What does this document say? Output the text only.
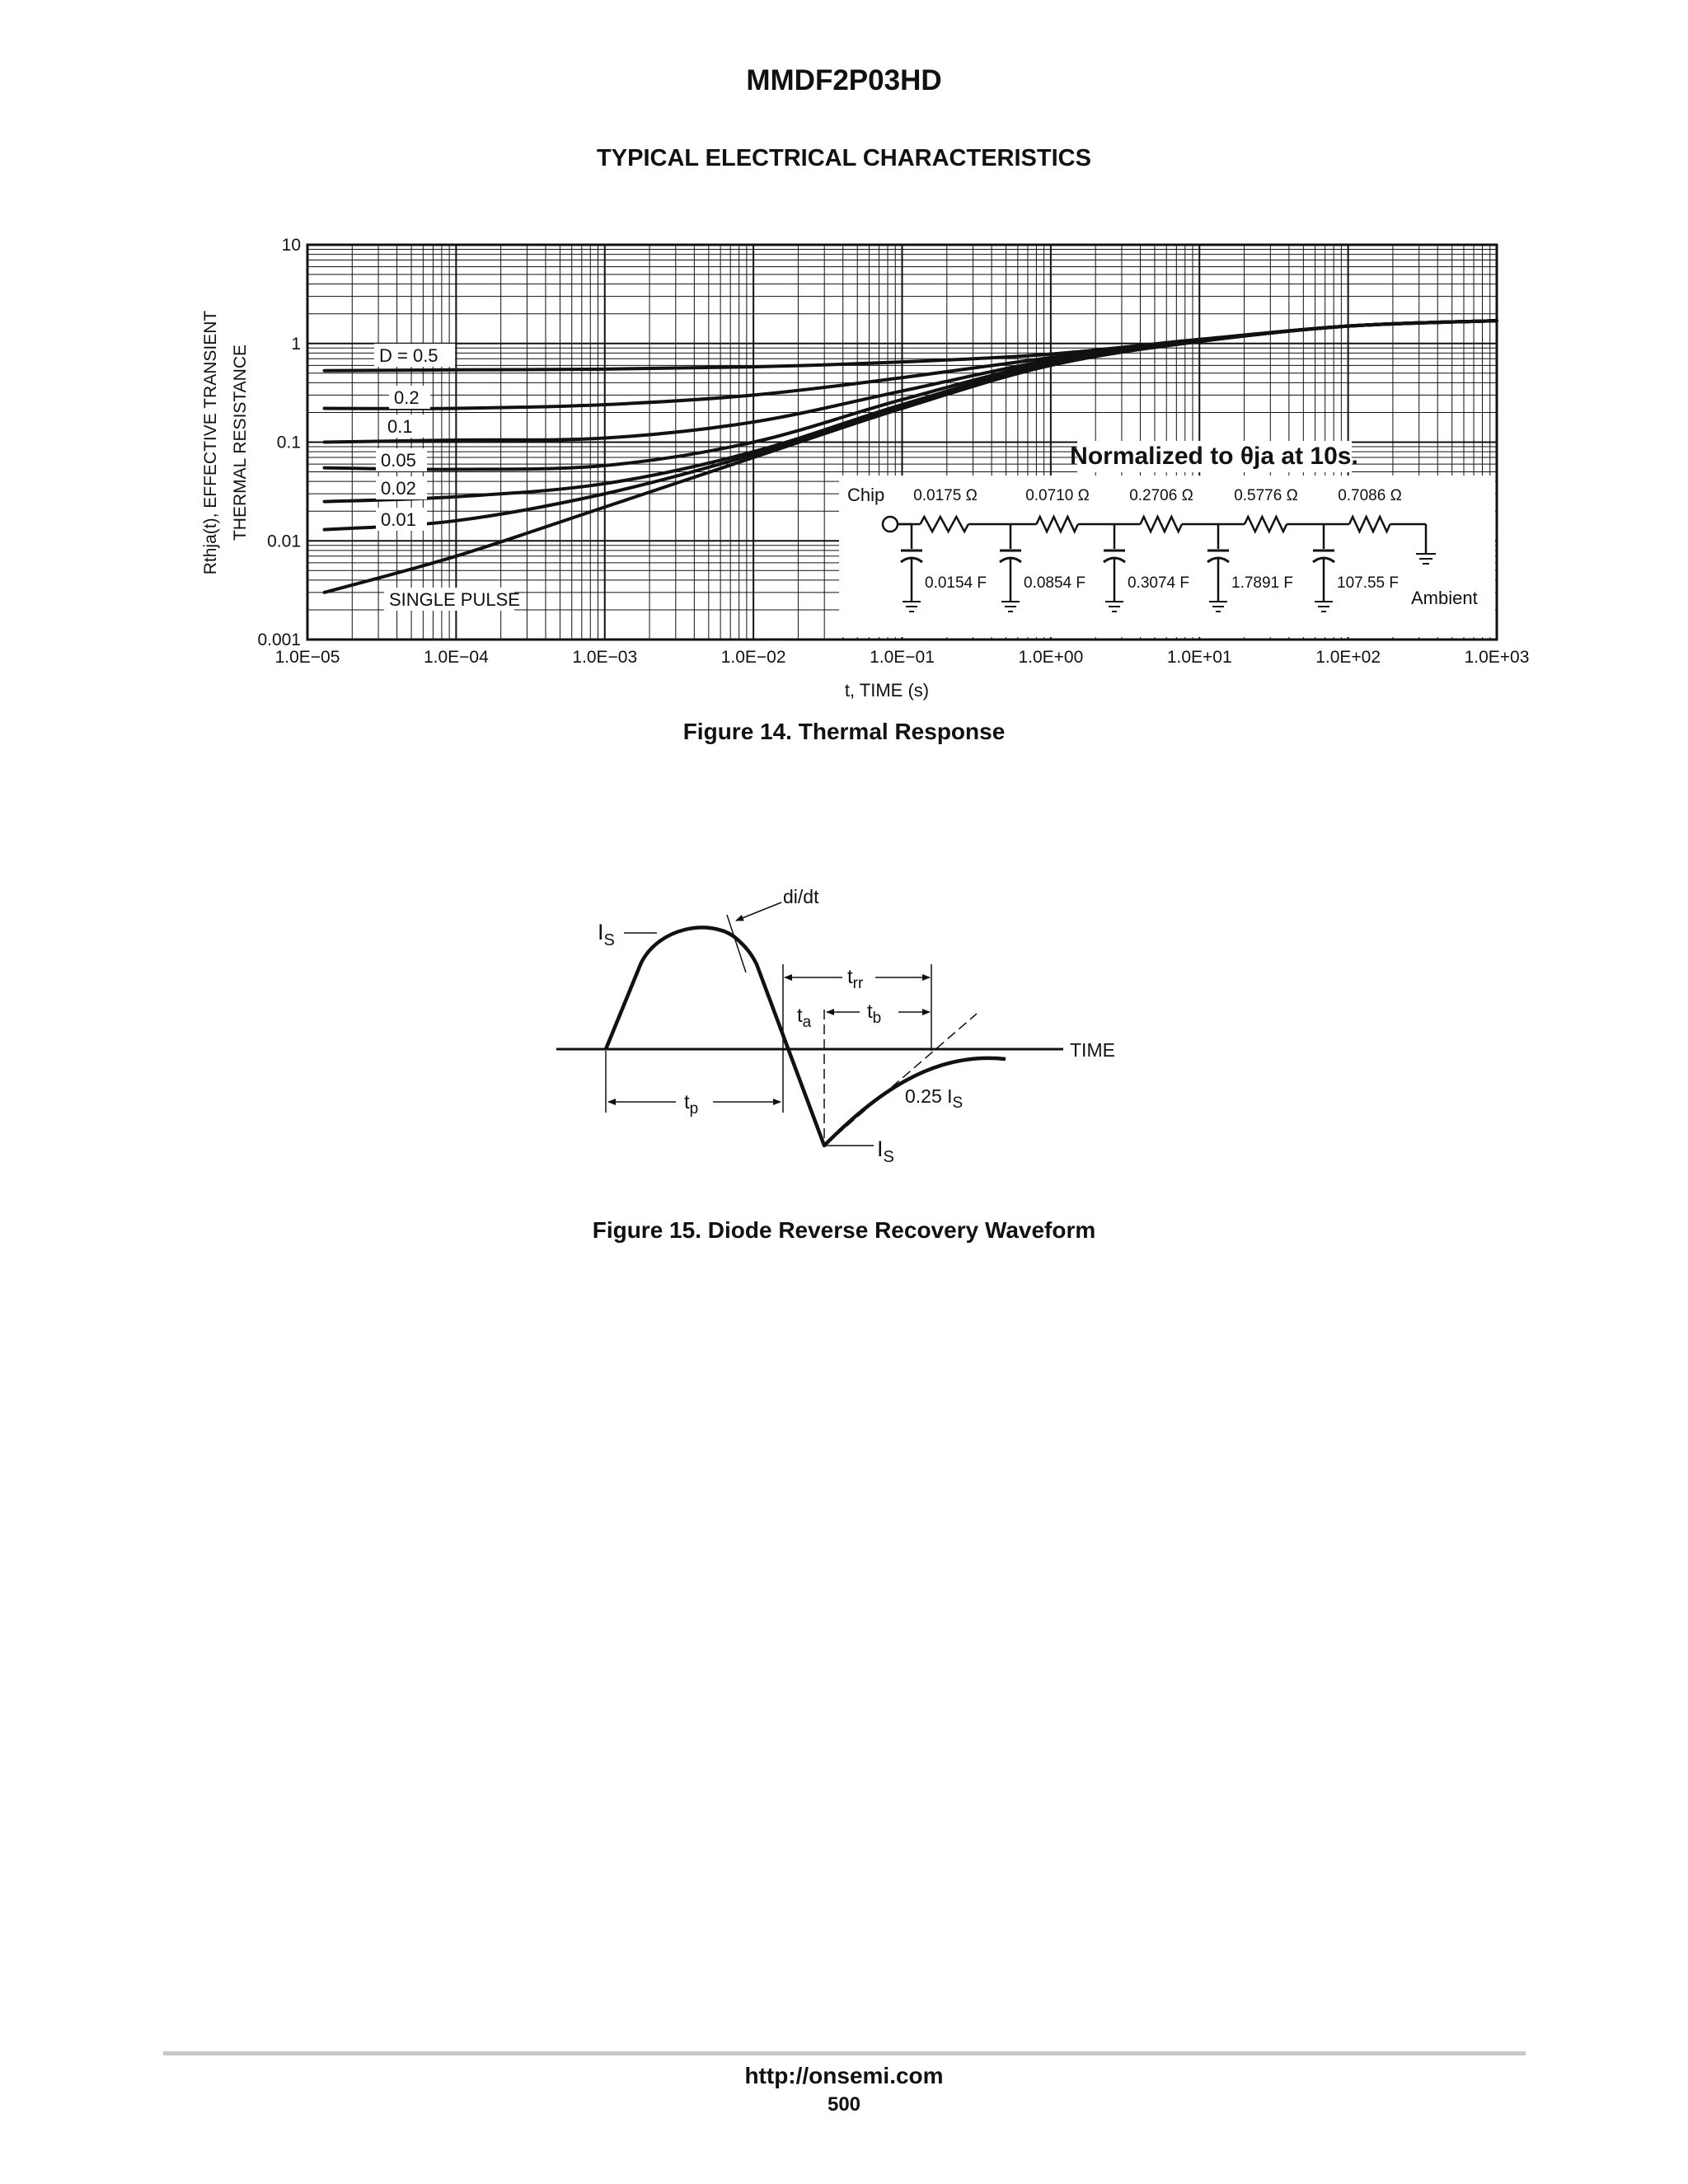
MMDF2P03HD
TYPICAL ELECTRICAL CHARACTERISTICS
0.001
0.01
0.1
1
10
1.0E−05	1.0E−04	1.0E−03	1.0E−02	1.0E−01	1.0E+00	1.0E+01	1.0E+02	1.0E+03
t, TIME (s)
Rthja(t), EFFECTIVE TRANSIENT THERMAL RESISTANCE	D = 0.5
0.2
0.1
0.05
0.02
0.01
SINGLE PULSE
Normalized to θja at 10s.
Chip 0.0175 Ω
0.0154 F
0.0710 Ω
0.0854 F
0.2706 Ω
0.3074 F
0.5776 Ω
1.7891 F
0.7086 Ω
107.55 F
Ambient
Figure 14. Thermal Response
TIME
di/dt
$I_S$
$t_{rr}$
$t_a$	$t_b$
$t_p$
0.25 $I_S$
$I_S$
Figure 15. Diode Reverse Recovery Waveform
http://onsemi.com
500
